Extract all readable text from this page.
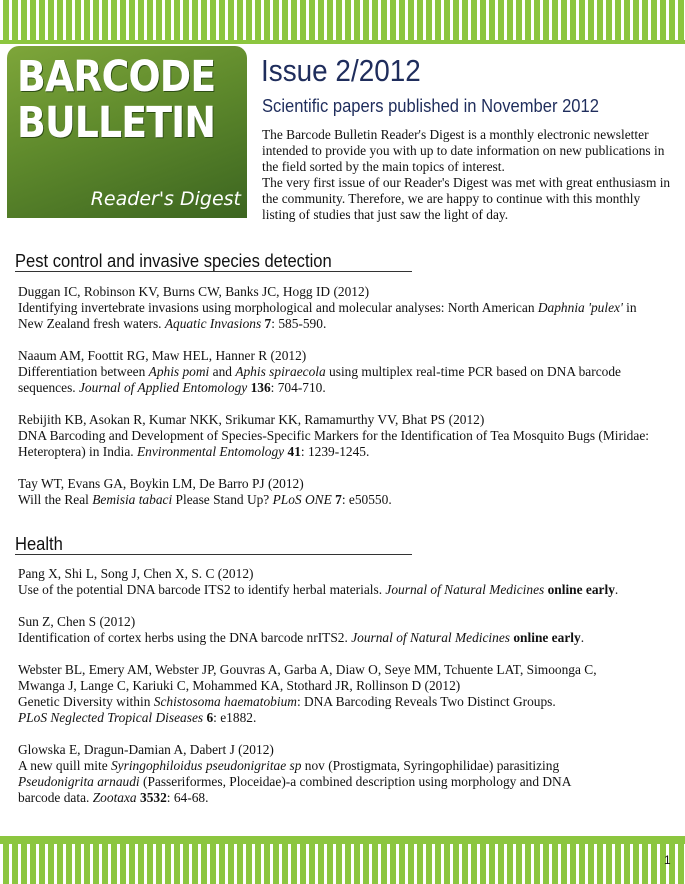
BARCODE
BULLETIN
Reader's Digest
Issue 2/2012
Scientific papers published in November 2012

The Barcode Bulletin Reader's Digest is a monthly electronic newsletter intended to provide you with up to date information on new publications in the field sorted by the main topics of interest.

The very first issue of our Reader's Digest was met with great enthusiasm in the community. Therefore, we are happy to continue with this monthly listing of studies that just saw the light of day.

Pest control and invasive species detection
Duggan IC, Robinson KV, Burns CW, Banks JC, Hogg ID (2012)
Identifying invertebrate invasions using morphological and molecular analyses: North American Daphnia 'pulex' in
New Zealand fresh waters. Aquatic Invasions 7: 585-590.
Naaum AM, Foottit RG, Maw HEL, Hanner R (2012)
Differentiation between Aphis pomi and Aphis spiraecola using multiplex real-time PCR based on DNA barcode
sequences. Journal of Applied Entomology 136: 704-710.
Rebijith KB, Asokan R, Kumar NKK, Srikumar KK, Ramamurthy VV, Bhat PS (2012)
DNA Barcoding and Development of Species-Specific Markers for the Identification of Tea Mosquito Bugs (Miridae:
Heteroptera) in India. Environmental Entomology 41: 1239-1245.
Tay WT, Evans GA, Boykin LM, De Barro PJ (2012)
Will the Real Bemisia tabaci Please Stand Up? PLoS ONE 7: e50550.
Health
Pang X, Shi L, Song J, Chen X, S. C (2012)
Use of the potential DNA barcode ITS2 to identify herbal materials. Journal of Natural Medicines online early.
Sun Z, Chen S (2012)
Identification of cortex herbs using the DNA barcode nrITS2. Journal of Natural Medicines online early.
Webster BL, Emery AM, Webster JP, Gouvras A, Garba A, Diaw O, Seye MM, Tchuente LAT, Simoonga C,
Mwanga J, Lange C, Kariuki C, Mohammed KA, Stothard JR, Rollinson D (2012)
Genetic Diversity within Schistosoma haematobium: DNA Barcoding Reveals Two Distinct Groups.
PLoS Neglected Tropical Diseases 6: e1882.
Glowska E, Dragun-Damian A, Dabert J (2012)
A new quill mite Syringophiloidus pseudonigritae sp nov (Prostigmata, Syringophilidae) parasitizing
Pseudonigrita arnaudi (Passeriformes, Ploceidae)-a combined description using morphology and DNA
barcode data. Zootaxa 3532: 64-68.
1
